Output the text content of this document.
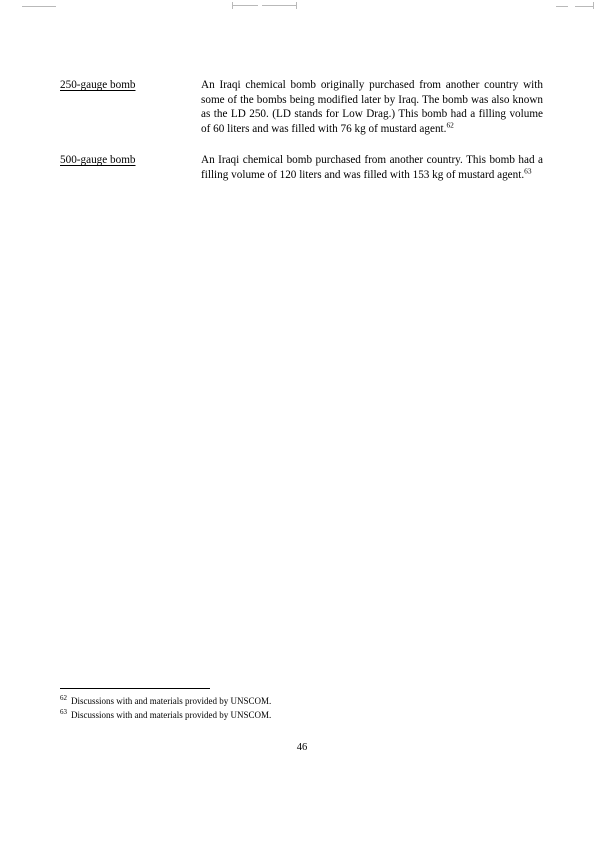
250-gauge bomb	An Iraqi chemical bomb originally purchased from another country with some of the bombs being modified later by Iraq. The bomb was also known as the LD 250. (LD stands for Low Drag.) This bomb had a filling volume of 60 liters and was filled with 76 kg of mustard agent.$^{62}$
500-gauge bomb	An Iraqi chemical bomb purchased from another country. This bomb had a filling volume of 120 liters and was filled with 153 kg of mustard agent.$^{63}$
62 Discussions with and materials provided by UNSCOM.
63 Discussions with and materials provided by UNSCOM.
46
